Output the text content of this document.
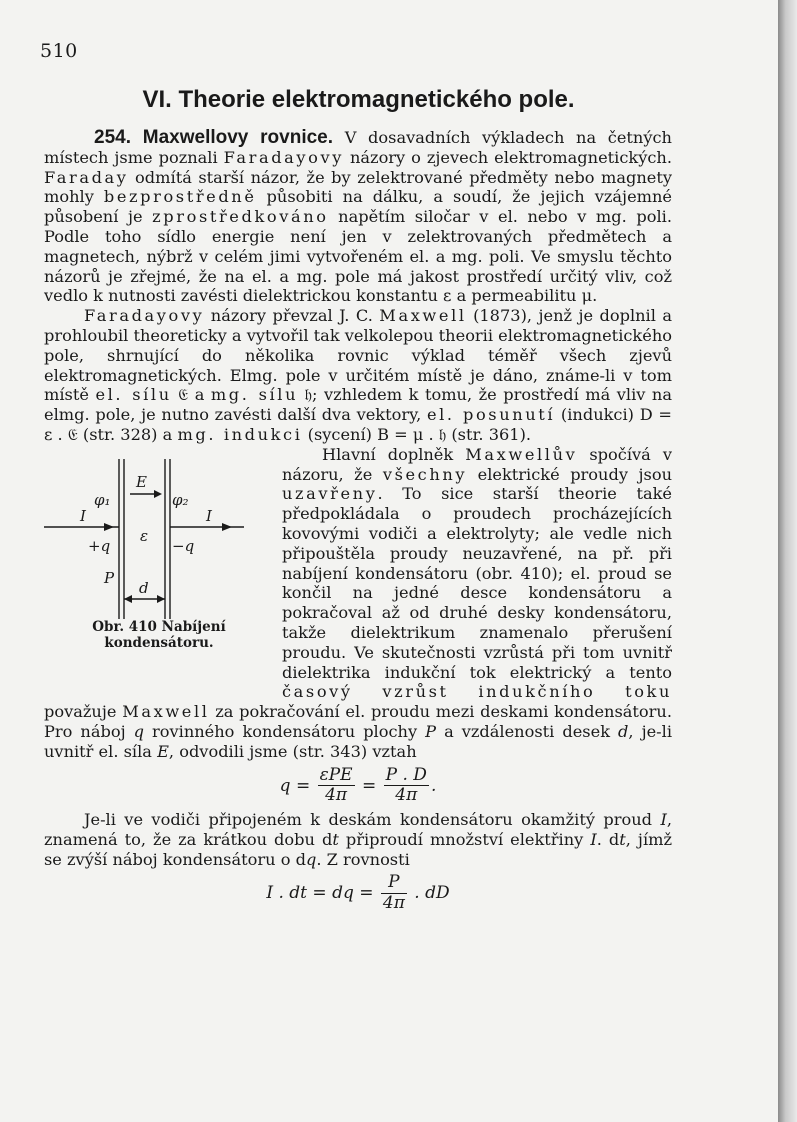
510
VI. Theorie elektromagnetického pole.

254. Maxwellovy rovnice. V dosavadních výkladech na četných místech jsme poznali Faradayovy názory o zjevech elektromagnetických. Faraday odmítá starší názor, že by zelektrované předměty nebo magnety mohly bezprostředně působiti na dálku, a soudí, že jejich vzájemné působení je zprostředkováno napětím siločar v el. nebo v mg. poli. Podle toho sídlo energie není jen v zelektrovaných předmětech a magnetech, nýbrž v celém jimi vytvořeném el. a mg. poli. Ve smyslu těchto názorů je zřejmé, že na el. a mg. pole má jakost prostředí určitý vliv, což vedlo k nutnosti zavésti dielektrickou konstantu ε a permeabilitu μ.

Faradayovy názory převzal J. C. Maxwell (1873), jenž je doplnil a prohloubil theoreticky a vytvořil tak velkolepou theorii elektromagnetického pole, shrnující do několika rovnic výklad téměř všech zjevů elektromagnetických. Elmg. pole v určitém místě je dáno, známe-li v tom místě el. sílu 𝔈 a mg. sílu 𝔥; vzhledem k tomu, že prostředí má vliv na elmg. pole, je nutno zavésti další dva vektory, el. posunutí (indukci) D = ε . 𝔈 (str. 328) a mg. indukci (sycení) B = μ . 𝔥 (str. 361).

E
φ₁	φ₂
I	I
ε
+q	−q
P
d
Obr. 410 Nabíjení
kondensátoru.

Hlavní doplněk Maxwellův spočívá v názoru, že všechny elektrické proudy jsou uzavřeny. To sice starší theorie také předpokládala o proudech procházejících kovovými vodiči a elektrolyty; ale vedle nich připouštěla proudy neuzavřené, na př. při nabíjení kondensátoru (obr. 410); el. proud se končil na jedné desce kondensátoru a pokračoval až od druhé desky kondensátoru, takže dielektrikum znamenalo přerušení proudu. Ve skutečnosti vzrůstá při tom uvnitř dielektrika indukční tok elektrický a tento časový vzrůst indukčního toku považuje Maxwell za pokračování el. proudu mezi deskami kondensátoru. Pro náboj q rovinného kondensátoru plochy P a vzdálenosti desek d, je-li uvnitř el. síla E, odvodili jsme (str. 343) vztah

$q = \frac{\text{εPE}}{4\pi} = \frac{P . D}{4\pi}$ .

Je-li ve vodiči připojeném k deskám kondensátoru okamžitý proud I, znamená to, že za krátkou dobu dt připroudí množství elektřiny I. dt, jímž se zvýší náboj kondensátoru o dq. Z rovnosti

I . dt = dq = $\frac{P}{4\pi}$ . dD
